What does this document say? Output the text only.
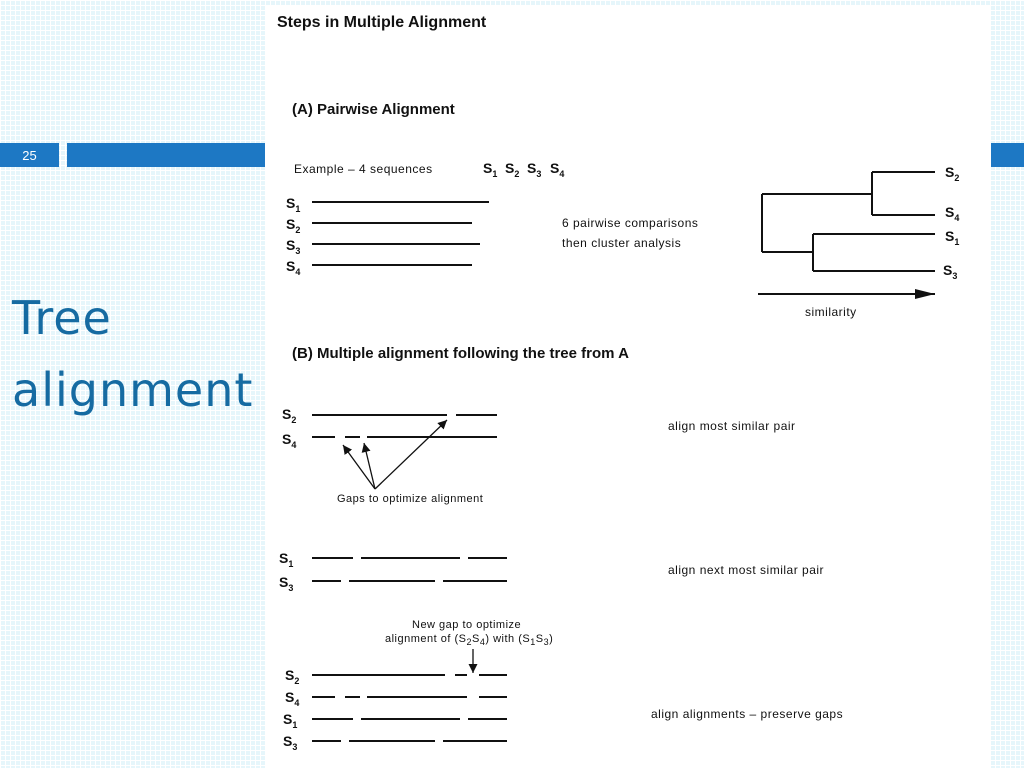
25
Tree
alignment
Steps in Multiple Alignment
(A) Pairwise Alignment
Example – 4 sequences	$S_1$ $S_2$ $S_3$ $S_4$
$S_1$
$S_2$
$S_3$
$S_4$
6 pairwise comparisons
then cluster analysis
$S_2$
$S_4$
$S_1$
$S_3$
similarity
(B) Multiple alignment following the tree from A
$S_2$
$S_4$
Gaps to optimize alignment
align most similar pair
$S_1$
$S_3$
align next most similar pair
New gap to optimize
alignment of $(S_2S_4)$ with $(S_1S_3)$
$S_2$
$S_4$
$S_1$
$S_3$
align alignments – preserve gaps
